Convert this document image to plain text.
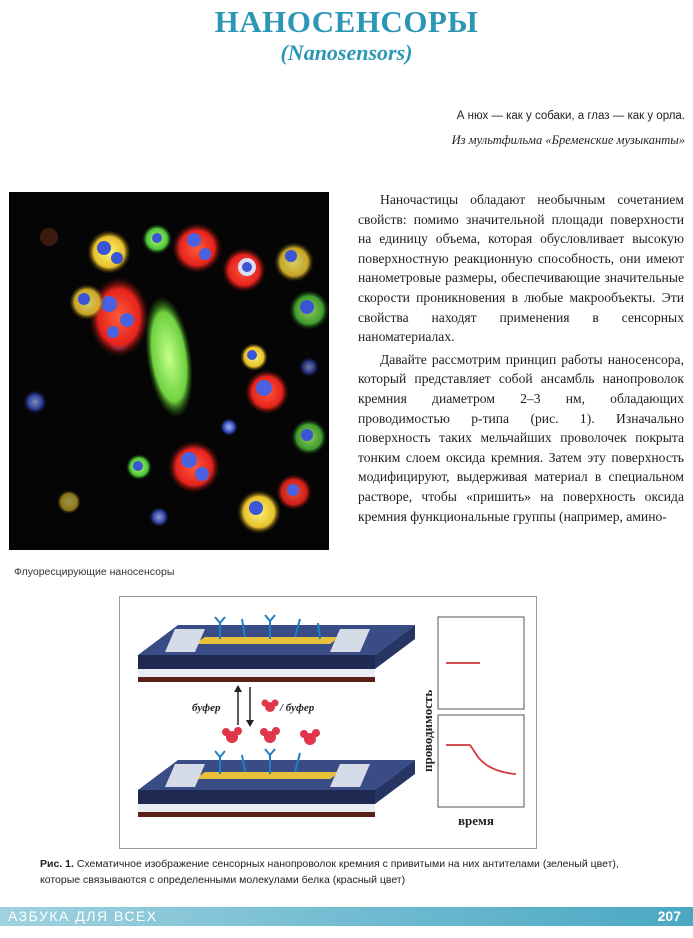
НАНОСЕНСОРЫ
(Nanosensors)
А нюх — как у собаки, а глаз — как у орла.
Из мультфильма «Бременские музыканты»
Флуоресцирующие наносенсоры

Наночастицы обладают необычным сочетанием свойств: помимо значительной площади поверхности на единицу объема, которая обусловливает высокую поверхностную реакционную способность, они имеют нанометровые размеры, обеспечивающие значительные скорости проникновения в любые макрообъекты. Эти свойства находят применения в сенсорных наноматериалах.

Давайте рассмотрим принцип работы наносенсора, который представляет собой ансамбль нанопроволок кремния диаметром 2–3 нм, обладающих проводимостью p-типа (рис. 1). Изначально поверхность таких мельчайших проволочек покрыта тонким слоем оксида кремния. Затем эту поверхность модифицируют, выдерживая материал в специальном растворе, чтобы «пришить» на поверхность оксида кремния функциональные группы (например, амино-

буфер	/ буфер	проводимость
время
Рис. 1. Схематичное изображение сенсорных нанопроволок кремния с привитыми на них антителами (зеленый цвет), которые связываются с определенными молекулами белка (красный цвет)
АЗБУКА ДЛЯ ВСЕХ	207
